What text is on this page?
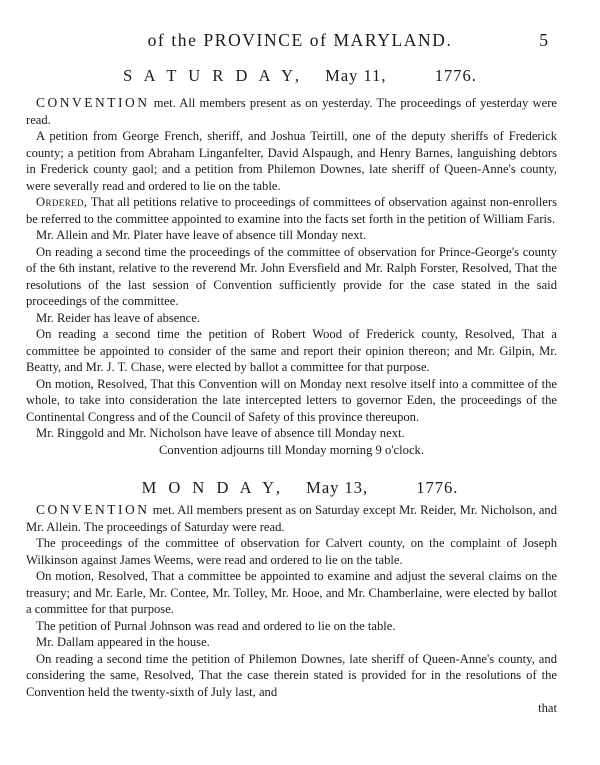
of the PROVINCE of MARYLAND.	5
S A T U R D A Y, May 11,	1776.

CONVENTION met. All members present as on yesterday. The proceedings of yesterday were read.

A petition from George French, sheriff, and Joshua Teirtill, one of the deputy sheriffs of Frederick county; a petition from Abraham Linganfelter, David Alspaugh, and Henry Barnes, languishing debtors in Frederick county gaol; and a petition from Philemon Downes, late sheriff of Queen-Anne's county, were severally read and ordered to lie on the table.

Ordered, That all petitions relative to proceedings of committees of observation against non-enrollers be referred to the committee appointed to examine into the facts set forth in the petition of William Faris.

Mr. Allein and Mr. Plater have leave of absence till Monday next.

On reading a second time the proceedings of the committee of observation for Prince-George's county of the 6th instant, relative to the reverend Mr. John Eversfield and Mr. Ralph Forster, Resolved, That the resolutions of the last session of Convention sufficiently provide for the case stated in the said proceedings of the committee.

Mr. Reider has leave of absence.

On reading a second time the petition of Robert Wood of Frederick county, Resolved, That a committee be appointed to consider of the same and report their opinion thereon; and Mr. Gilpin, Mr. Beatty, and Mr. J. T. Chase, were elected by ballot a committee for that purpose.

On motion, Resolved, That this Convention will on Monday next resolve itself into a committee of the whole, to take into consideration the late intercepted letters to governor Eden, the proceedings of the Continental Congress and of the Council of Safety of this province thereupon.

Mr. Ringgold and Mr. Nicholson have leave of absence till Monday next.

Convention adjourns till Monday morning 9 o'clock.

M O N D A Y, May 13,	1776.

CONVENTION met. All members present as on Saturday except Mr. Reider, Mr. Nicholson, and Mr. Allein. The proceedings of Saturday were read.

The proceedings of the committee of observation for Calvert county, on the complaint of Joseph Wilkinson against James Weems, were read and ordered to lie on the table.

On motion, Resolved, That a committee be appointed to examine and adjust the several claims on the treasury; and Mr. Earle, Mr. Contee, Mr. Tolley, Mr. Hooe, and Mr. Chamberlaine, were elected by ballot a committee for that purpose.

The petition of Purnal Johnson was read and ordered to lie on the table.

Mr. Dallam appeared in the house.

On reading a second time the petition of Philemon Downes, late sheriff of Queen-Anne's county, and considering the same, Resolved, That the case therein stated is provided for in the resolutions of the Convention held the twenty-sixth of July last, and

that
